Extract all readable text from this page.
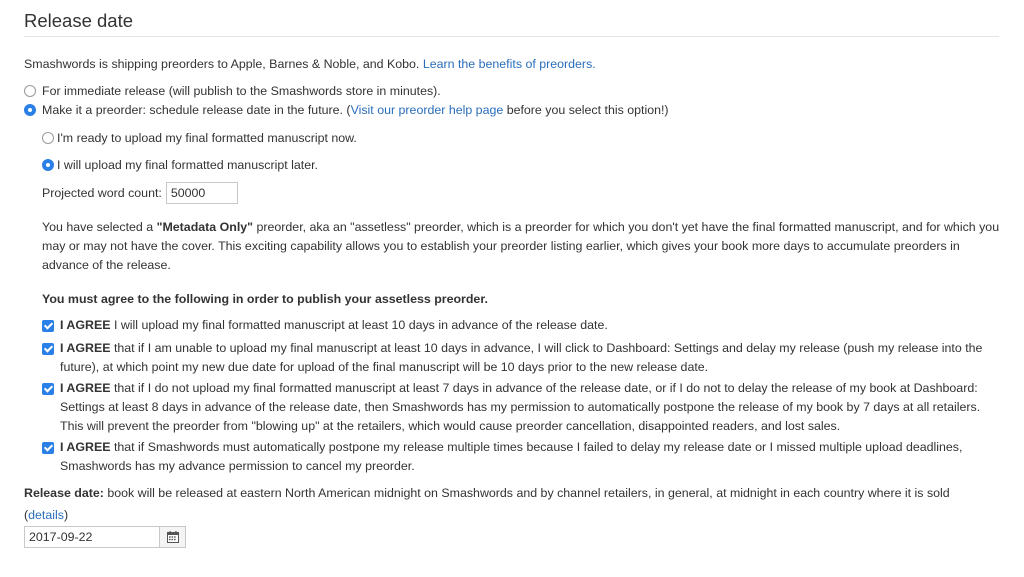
Release date
Smashwords is shipping preorders to Apple, Barnes & Noble, and Kobo. Learn the benefits of preorders.
For immediate release (will publish to the Smashwords store in minutes).
Make it a preorder: schedule release date in the future. (Visit our preorder help page before you select this option!)
I'm ready to upload my final formatted manuscript now.
I will upload my final formatted manuscript later.
Projected word count:
50000
You have selected a "Metadata Only" preorder, aka an "assetless" preorder, which is a preorder for which you don't yet have the final formatted manuscript, and for which you may or may not have the cover. This exciting capability allows you to establish your preorder listing earlier, which gives your book more days to accumulate preorders in advance of the release.
You must agree to the following in order to publish your assetless preorder.
I AGREE I will upload my final formatted manuscript at least 10 days in advance of the release date.
I AGREE that if I am unable to upload my final manuscript at least 10 days in advance, I will click to Dashboard: Settings and delay my release (push my release into the future), at which point my new due date for upload of the final manuscript will be 10 days prior to the new release date.
I AGREE that if I do not upload my final formatted manuscript at least 7 days in advance of the release date, or if I do not to delay the release of my book at Dashboard: Settings at least 8 days in advance of the release date, then Smashwords has my permission to automatically postpone the release of my book by 7 days at all retailers. This will prevent the preorder from "blowing up" at the retailers, which would cause preorder cancellation, disappointed readers, and lost sales.
I AGREE that if Smashwords must automatically postpone my release multiple times because I failed to delay my release date or I missed multiple upload deadlines, Smashwords has my advance permission to cancel my preorder.
Release date: book will be released at eastern North American midnight on Smashwords and by channel retailers, in general, at midnight in each country where it is sold
(details)
2017-09-22
